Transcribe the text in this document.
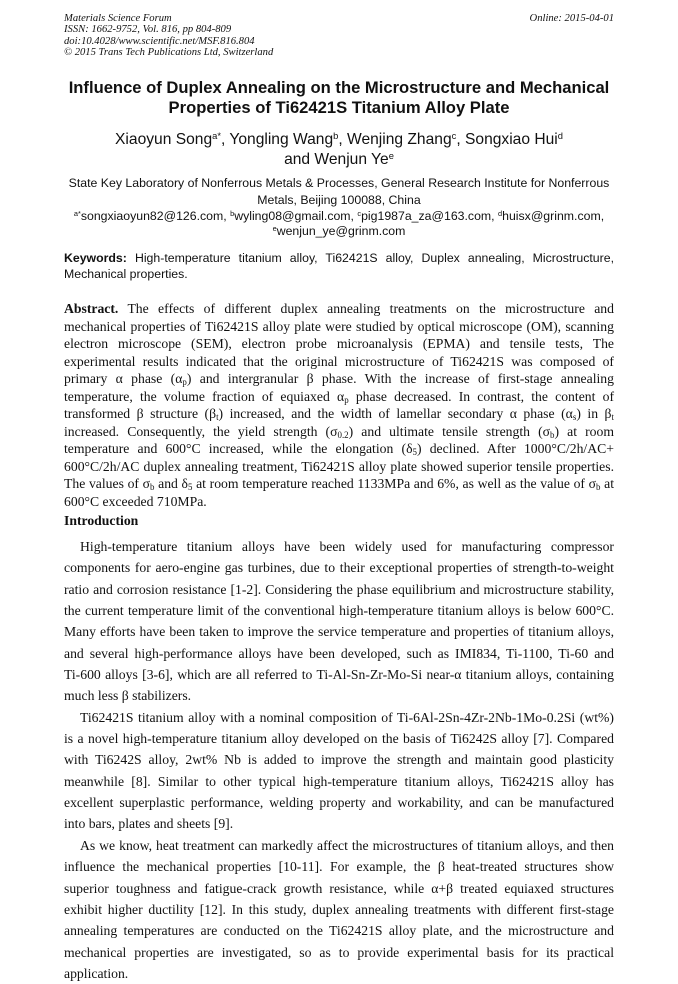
Materials Science Forum
ISSN: 1662-9752, Vol. 816, pp 804-809
doi:10.4028/www.scientific.net/MSF.816.804
© 2015 Trans Tech Publications Ltd, Switzerland
Online: 2015-04-01
Influence of Duplex Annealing on the Microstructure and Mechanical
Properties of Ti62421S Titanium Alloy Plate
Xiaoyun Song$^{a*}$, Yongling Wang$^b$, Wenjing Zhang$^c$, Songxiao Hui$^d$
and Wenjun Ye$^e$
State Key Laboratory of Nonferrous Metals & Processes, General Research Institute for Nonferrous
Metals, Beijing 100088, China
$^{a*}$songxiaoyun82@126.com, $^b$wyling08@gmail.com, $^c$pig1987a_za@163.com, $^d$huisx@grinm.com,
$^e$wenjun_ye@grinm.com
Keywords: High-temperature titanium alloy, Ti62421S alloy, Duplex annealing, Microstructure,
Mechanical properties.
Abstract. The effects of different duplex annealing treatments on the microstructure and
mechanical properties of Ti62421S alloy plate were studied by optical microscope (OM), scanning
electron microscope (SEM), electron probe microanalysis (EPMA) and tensile tests, The
experimental results indicated that the original microstructure of Ti62421S was composed of
primary α phase $(\alpha_p)$ and intergranular β phase. With the increase of first-stage annealing
temperature, the volume fraction of equiaxed $\alpha_p$ phase decreased. In contrast, the content of
transformed β structure $(\beta_t)$ increased, and the width of lamellar secondary α phase $(\alpha_s)$ in $\beta_t$
increased. Consequently, the yield strength $(\sigma_{0.2})$ and ultimate tensile strength $(\sigma_b)$ at room
temperature and 600°C increased, while the elongation $(\delta_5)$ declined. After 1000°C/2h/AC+
600°C/2h/AC duplex annealing treatment, Ti62421S alloy plate showed superior tensile properties.
The values of $\sigma_b$ and $\delta_5$ at room temperature reached 1133MPa and 6%, as well as the value of $\sigma_b$ at
600°C exceeded 710MPa.
Introduction
High-temperature titanium alloys have been widely used for manufacturing compressor
components for aero-engine gas turbines, due to their exceptional properties of strength-to-weight
ratio and corrosion resistance [1-2]. Considering the phase equilibrium and microstructure stability,
the current temperature limit of the conventional high-temperature titanium alloys is below 600°C.
Many efforts have been taken to improve the service temperature and properties of titanium alloys,
and several high-performance alloys have been developed, such as IMI834, Ti-1100, Ti-60 and
Ti-600 alloys [3-6], which are all referred to Ti-Al-Sn-Zr-Mo-Si near-α titanium alloys, containing
much less β stabilizers.
Ti62421S titanium alloy with a nominal composition of Ti-6Al-2Sn-4Zr-2Nb-1Mo-0.2Si (wt%)
is a novel high-temperature titanium alloy developed on the basis of Ti6242S alloy [7]. Compared
with Ti6242S alloy, 2wt% Nb is added to improve the strength and maintain good plasticity
meanwhile [8]. Similar to other typical high-temperature titanium alloys, Ti62421S alloy has
excellent superplastic performance, welding property and workability, and can be manufactured
into bars, plates and sheets [9].
As we know, heat treatment can markedly affect the microstructures of titanium alloys, and then
influence the mechanical properties [10-11]. For example, the β heat-treated structures show
superior toughness and fatigue-crack growth resistance, while α+β treated equiaxed structures
exhibit higher ductility [12]. In this study, duplex annealing treatments with different first-stage
annealing temperatures are conducted on the Ti62421S alloy plate, and the microstructure and
mechanical properties are investigated, so as to provide experimental basis for its practical
application.
